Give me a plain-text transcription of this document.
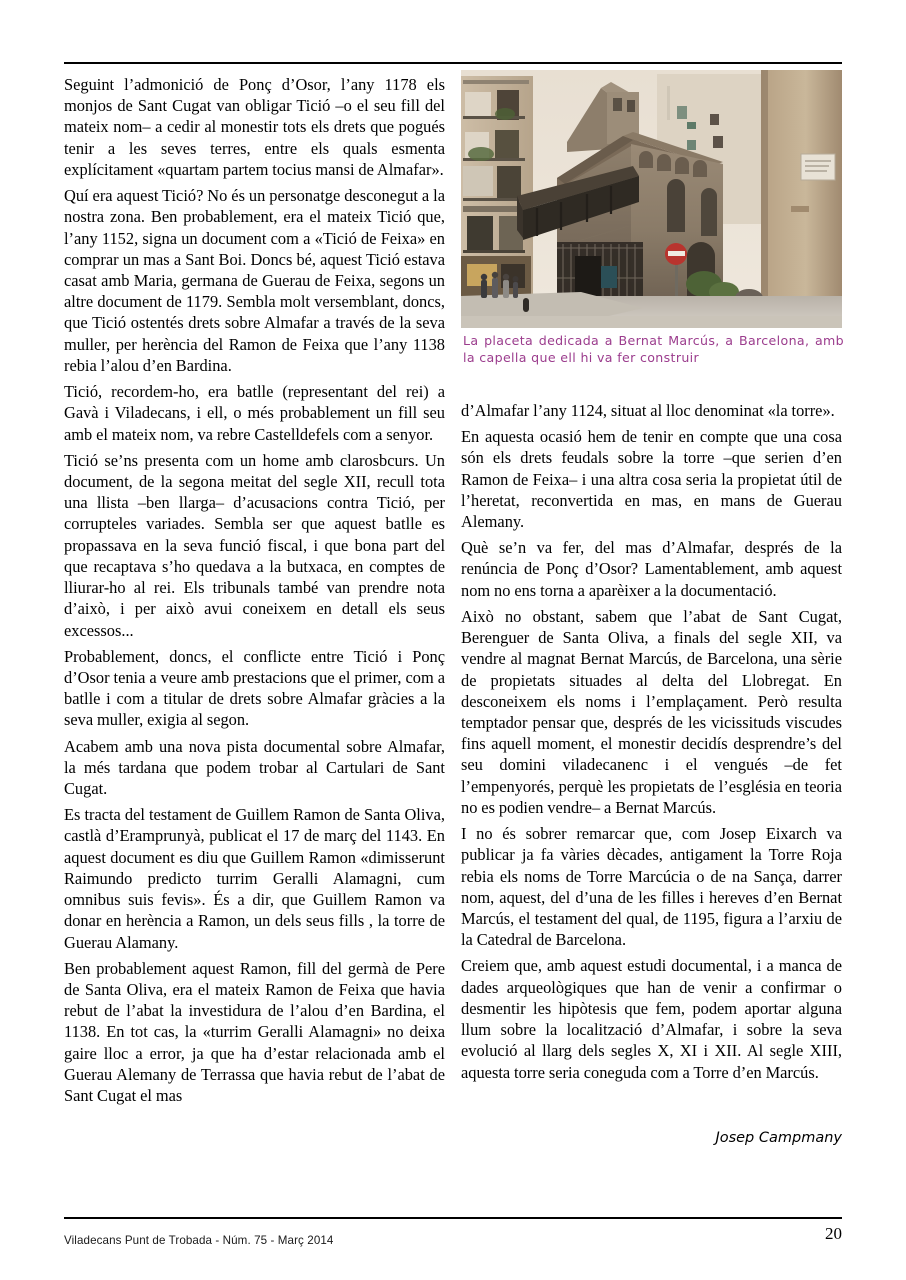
Seguint l’admonició de Ponç d’Osor, l’any 1178 els monjos de Sant Cugat van obligar Tició –o el seu fill del mateix nom– a cedir al monestir tots els drets que pogués tenir a les seves terres, entre els quals esmenta explícitament «quartam partem tocius mansi de Almafar».

Quí era aquest Tició? No és un personatge desconegut a la nostra zona. Ben probablement, era el mateix Tició que, l’any 1152, signa un document com a «Tició de Feixa» en comprar un mas a Sant Boi. Doncs bé, aquest Tició estava casat amb Maria, germana de Guerau de Feixa, segons un altre document de 1179. Sembla molt versemblant, doncs, que Tició ostentés drets sobre Almafar a través de la seva muller, per herència del Ramon de Feixa que l’any 1138 rebia l’alou d’en Bardina.

Tició, recordem-ho, era batlle (representant del rei) a Gavà i Viladecans, i ell, o més probablement un fill seu amb el mateix nom, va rebre Castelldefels com a senyor.

Tició se’ns presenta com un home amb clarosbcurs. Un document, de la segona meitat del segle XII, recull tota una llista –ben llarga– d’acusacions contra Tició, per corrupteles variades. Sembla ser que aquest batlle es propassava en la seva funció fiscal, i que bona part del que recaptava s’ho quedava a la butxaca, en comptes de lliurar-ho al rei. Els tribunals també van prendre nota d’això, i per això avui coneixem en detall els seus excessos...

Probablement, doncs, el conflicte entre Tició i Ponç d’Osor tenia a veure amb prestacions que el primer, com a batlle i com a titular de drets sobre Almafar gràcies a la seva muller, exigia al segon.

Acabem amb una nova pista documental sobre Almafar, la més tardana que podem trobar al Cartulari de Sant Cugat.

Es tracta del testament de Guillem Ramon de Santa Oliva, castlà d’Eramprunyà, publicat el 17 de març del 1143. En aquest document es diu que Guillem Ramon «dimisserunt Raimundo predicto turrim Geralli Alamagni, cum omnibus suis fevis». És a dir, que Guillem Ramon va donar en herència a Ramon, un dels seus fills , la torre de Guerau Alamany.

Ben probablement aquest Ramon, fill del germà de Pere de Santa Oliva, era el mateix Ramon de Feixa que havia rebut de l’abat la investidura de l’alou d’en Bardina, el 1138. En tot cas, la «turrim Geralli Alamagni» no deixa gaire lloc a error, ja que ha d’estar relacionada amb el Guerau Alemany de Terrassa que havia rebut de l’abat de Sant Cugat el mas

La placeta dedicada a Bernat Marcús, a Barcelona, amb la capella que ell hi va fer construir

d’Almafar l’any 1124, situat al lloc denominat «la torre».

En aquesta ocasió hem de tenir en compte que una cosa són els drets feudals sobre la torre –que serien d’en Ramon de Feixa– i una altra cosa seria la propietat útil de l’heretat, reconvertida en mas, en mans de Guerau Alemany.

Què se’n va fer, del mas d’Almafar, després de la renúncia de Ponç d’Osor? Lamentablement, amb aquest nom no ens torna a aparèixer a la documentació.

Això no obstant, sabem que l’abat de Sant Cugat, Berenguer de Santa Oliva, a finals del segle XII, va vendre al magnat Bernat Marcús, de Barcelona, una sèrie de propietats situades al delta del Llobregat. En desconeixem els noms i l’emplaçament. Però resulta temptador pensar que, després de les vicissituds viscudes fins aquell moment, el monestir decidís desprendre’s del seu domini viladecanenc i el vengués –de fet l’empenyorés, perquè les propietats de l’església en teoria no es podien vendre– a Bernat Marcús.

I no és sobrer remarcar que, com Josep Eixarch va publicar ja fa vàries dècades, antigament la Torre Roja rebia els noms de Torre Marcúcia o de na Sança, darrer nom, aquest, del d’una de les filles i hereves d’en Bernat Marcús, el testament del qual, de 1195, figura a l’arxiu de la Catedral de Barcelona.

Creiem que, amb aquest estudi documental, i a manca de dades arqueològiques que han de venir a confirmar o desmentir les hipòtesis que fem, podem aportar alguna llum sobre la localització d’Almafar, i sobre la seva evolució al llarg dels segles X, XI i XII. Al segle XIII, aquesta torre seria coneguda com a Torre d’en Marcús.

Josep Campmany
Viladecans Punt de Trobada - Núm. 75 - Març 2014	20
